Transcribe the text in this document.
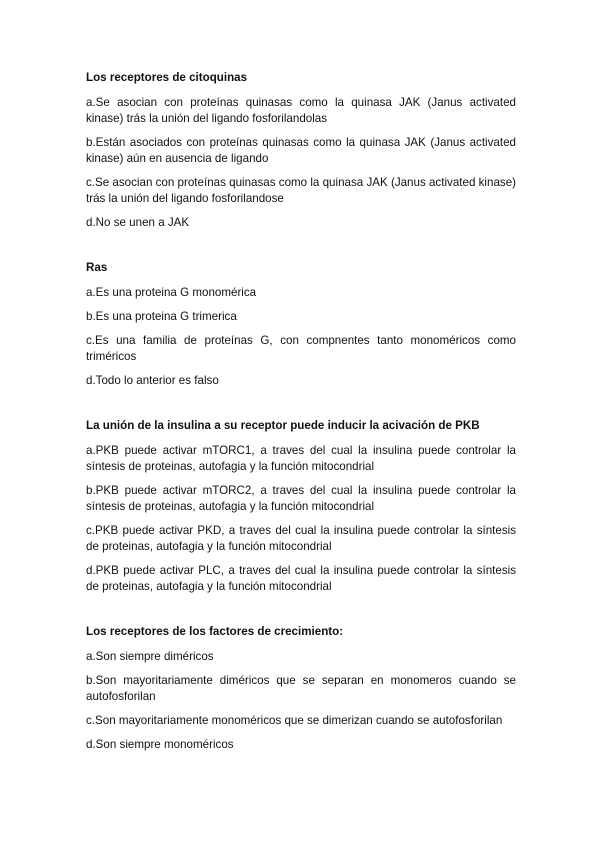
Los receptores de citoquinas

a.Se asocian con proteínas quinasas como la quinasa JAK (Janus activated kinase) trás la unión del ligando fosforilandolas

b.Están asociados con proteínas quinasas como la quinasa JAK (Janus activated kinase) aún en ausencia de ligando

c.Se asocian con proteínas quinasas como la quinasa JAK (Janus activated kinase) trás la unión del ligando fosforilandose

d.No se unen a JAK

Ras

a.Es una proteina G monomérica

b.Es una proteina G trimerica

c.Es una familia de proteínas G, con compnentes tanto monoméricos como triméricos

d.Todo lo anterior es falso

La unión de la insulina a su receptor puede inducir la acivación de PKB

a.PKB puede activar mTORC1, a traves del cual la insulina puede controlar la síntesis de proteinas, autofagia y la función mitocondrial

b.PKB puede activar mTORC2, a traves del cual la insulina puede controlar la síntesis de proteinas, autofagia y la función mitocondrial

c.PKB puede activar PKD, a traves del cual la insulina puede controlar la síntesis de proteinas, autofagia y la función mitocondrial

d.PKB puede activar PLC, a traves del cual la insulina puede controlar la síntesis de proteinas, autofagia y la función mitocondrial

Los receptores de los factores de crecimiento:

a.Son siempre diméricos

b.Son mayoritariamente diméricos que se separan en monomeros cuando se autofosforilan

c.Son mayoritariamente monoméricos que se dimerizan cuando se autofosforilan

d.Son siempre monoméricos
